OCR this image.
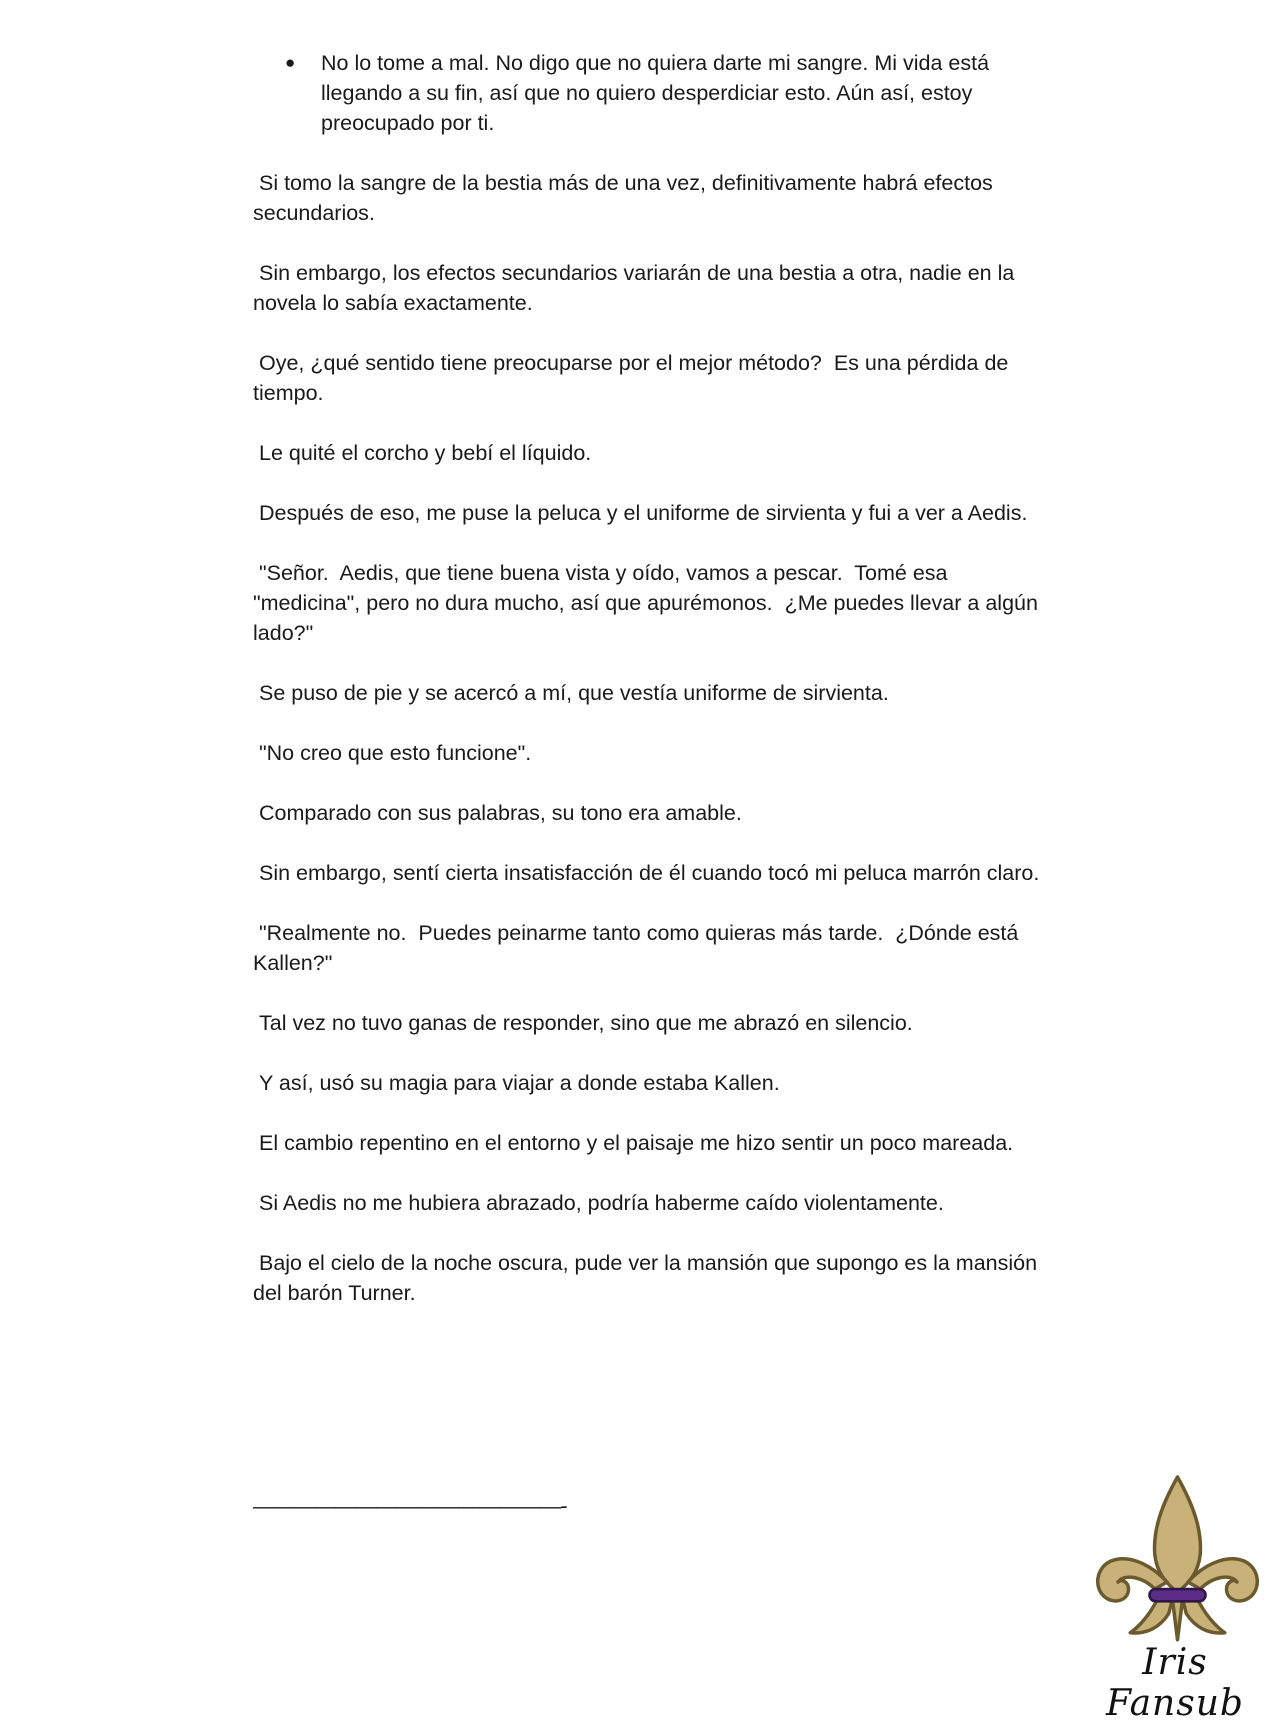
● No lo tome a mal. No digo que no quiera darte mi sangre. Mi vida está llegando a su fin, así que no quiero desperdiciar esto. Aún así, estoy preocupado por ti.

Si tomo la sangre de la bestia más de una vez, definitivamente habrá efectos secundarios.

Sin embargo, los efectos secundarios variarán de una bestia a otra, nadie en la novela lo sabía exactamente.

Oye, ¿qué sentido tiene preocuparse por el mejor método?  Es una pérdida de tiempo.

Le quité el corcho y bebí el líquido.

Después de eso, me puse la peluca y el uniforme de sirvienta y fui a ver a Aedis.

"Señor.  Aedis, que tiene buena vista y oído, vamos a pescar.  Tomé esa "medicina", pero no dura mucho, así que apurémonos.  ¿Me puedes llevar a algún lado?"

Se puso de pie y se acercó a mí, que vestía uniforme de sirvienta.

"No creo que esto funcione".

Comparado con sus palabras, su tono era amable.

Sin embargo, sentí cierta insatisfacción de él cuando tocó mi peluca marrón claro.

"Realmente no.  Puedes peinarme tanto como quieras más tarde.  ¿Dónde está Kallen?"

Tal vez no tuvo ganas de responder, sino que me abrazó en silencio.

Y así, usó su magia para viajar a donde estaba Kallen.

El cambio repentino en el entorno y el paisaje me hizo sentir un poco mareada.

Si Aedis no me hubiera abrazado, podría haberme caído violentamente.

Bajo el cielo de la noche oscura, pude ver la mansión que supongo es la mansión del barón Turner.

———————————————-
Iris Fansub
